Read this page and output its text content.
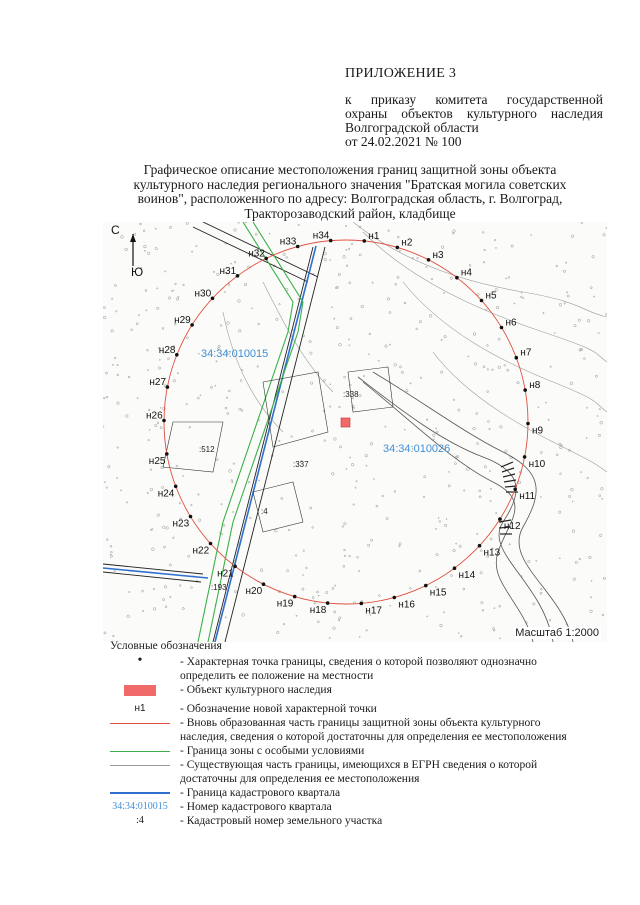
ПРИЛОЖЕНИЕ 3
к приказу комитета государственной
охраны объектов культурного наследия
Волгоградской области
от 24.02.2021 № 100
Графическое описание местоположения границ защитной зоны объекта
культурного наследия регионального значения "Братская могила советских
воинов", расположенного по адресу: Волгоградская область, г. Волгоград,
Тракторозаводский район, кладбище
С
Ю
34:34:010015
34:34:010026
:512
:337
:338
:4
:193
н1
н2
н3
н4
н5
н6
н7
н8
н9
н10
н11
н12
н13
н14
н15
н16
н17
н18
н19
н20
н21
н22
н23
н24
н25
н26
н27
н28
н29
н30
н31
н32
н33
н34
Масштаб 1:2000
Условные обозначения
•	- Характерная точка границы, сведения о которой позволяют однозначно определить ее положение на местности
- Объект культурного наследия
н1	- Обозначение новой характерной точки
- Вновь образованная часть границы защитной зоны объекта культурного наследия, сведения о которой достаточны для определения ее местоположения
- Граница зоны с особыми условиями
- Существующая часть границы, имеющихся в ЕГРН сведения о которой достаточны для определения ее местоположения
- Граница кадастрового квартала
34:34:010015	- Номер кадастрового квартала
:4	- Кадастровый номер земельного участка
